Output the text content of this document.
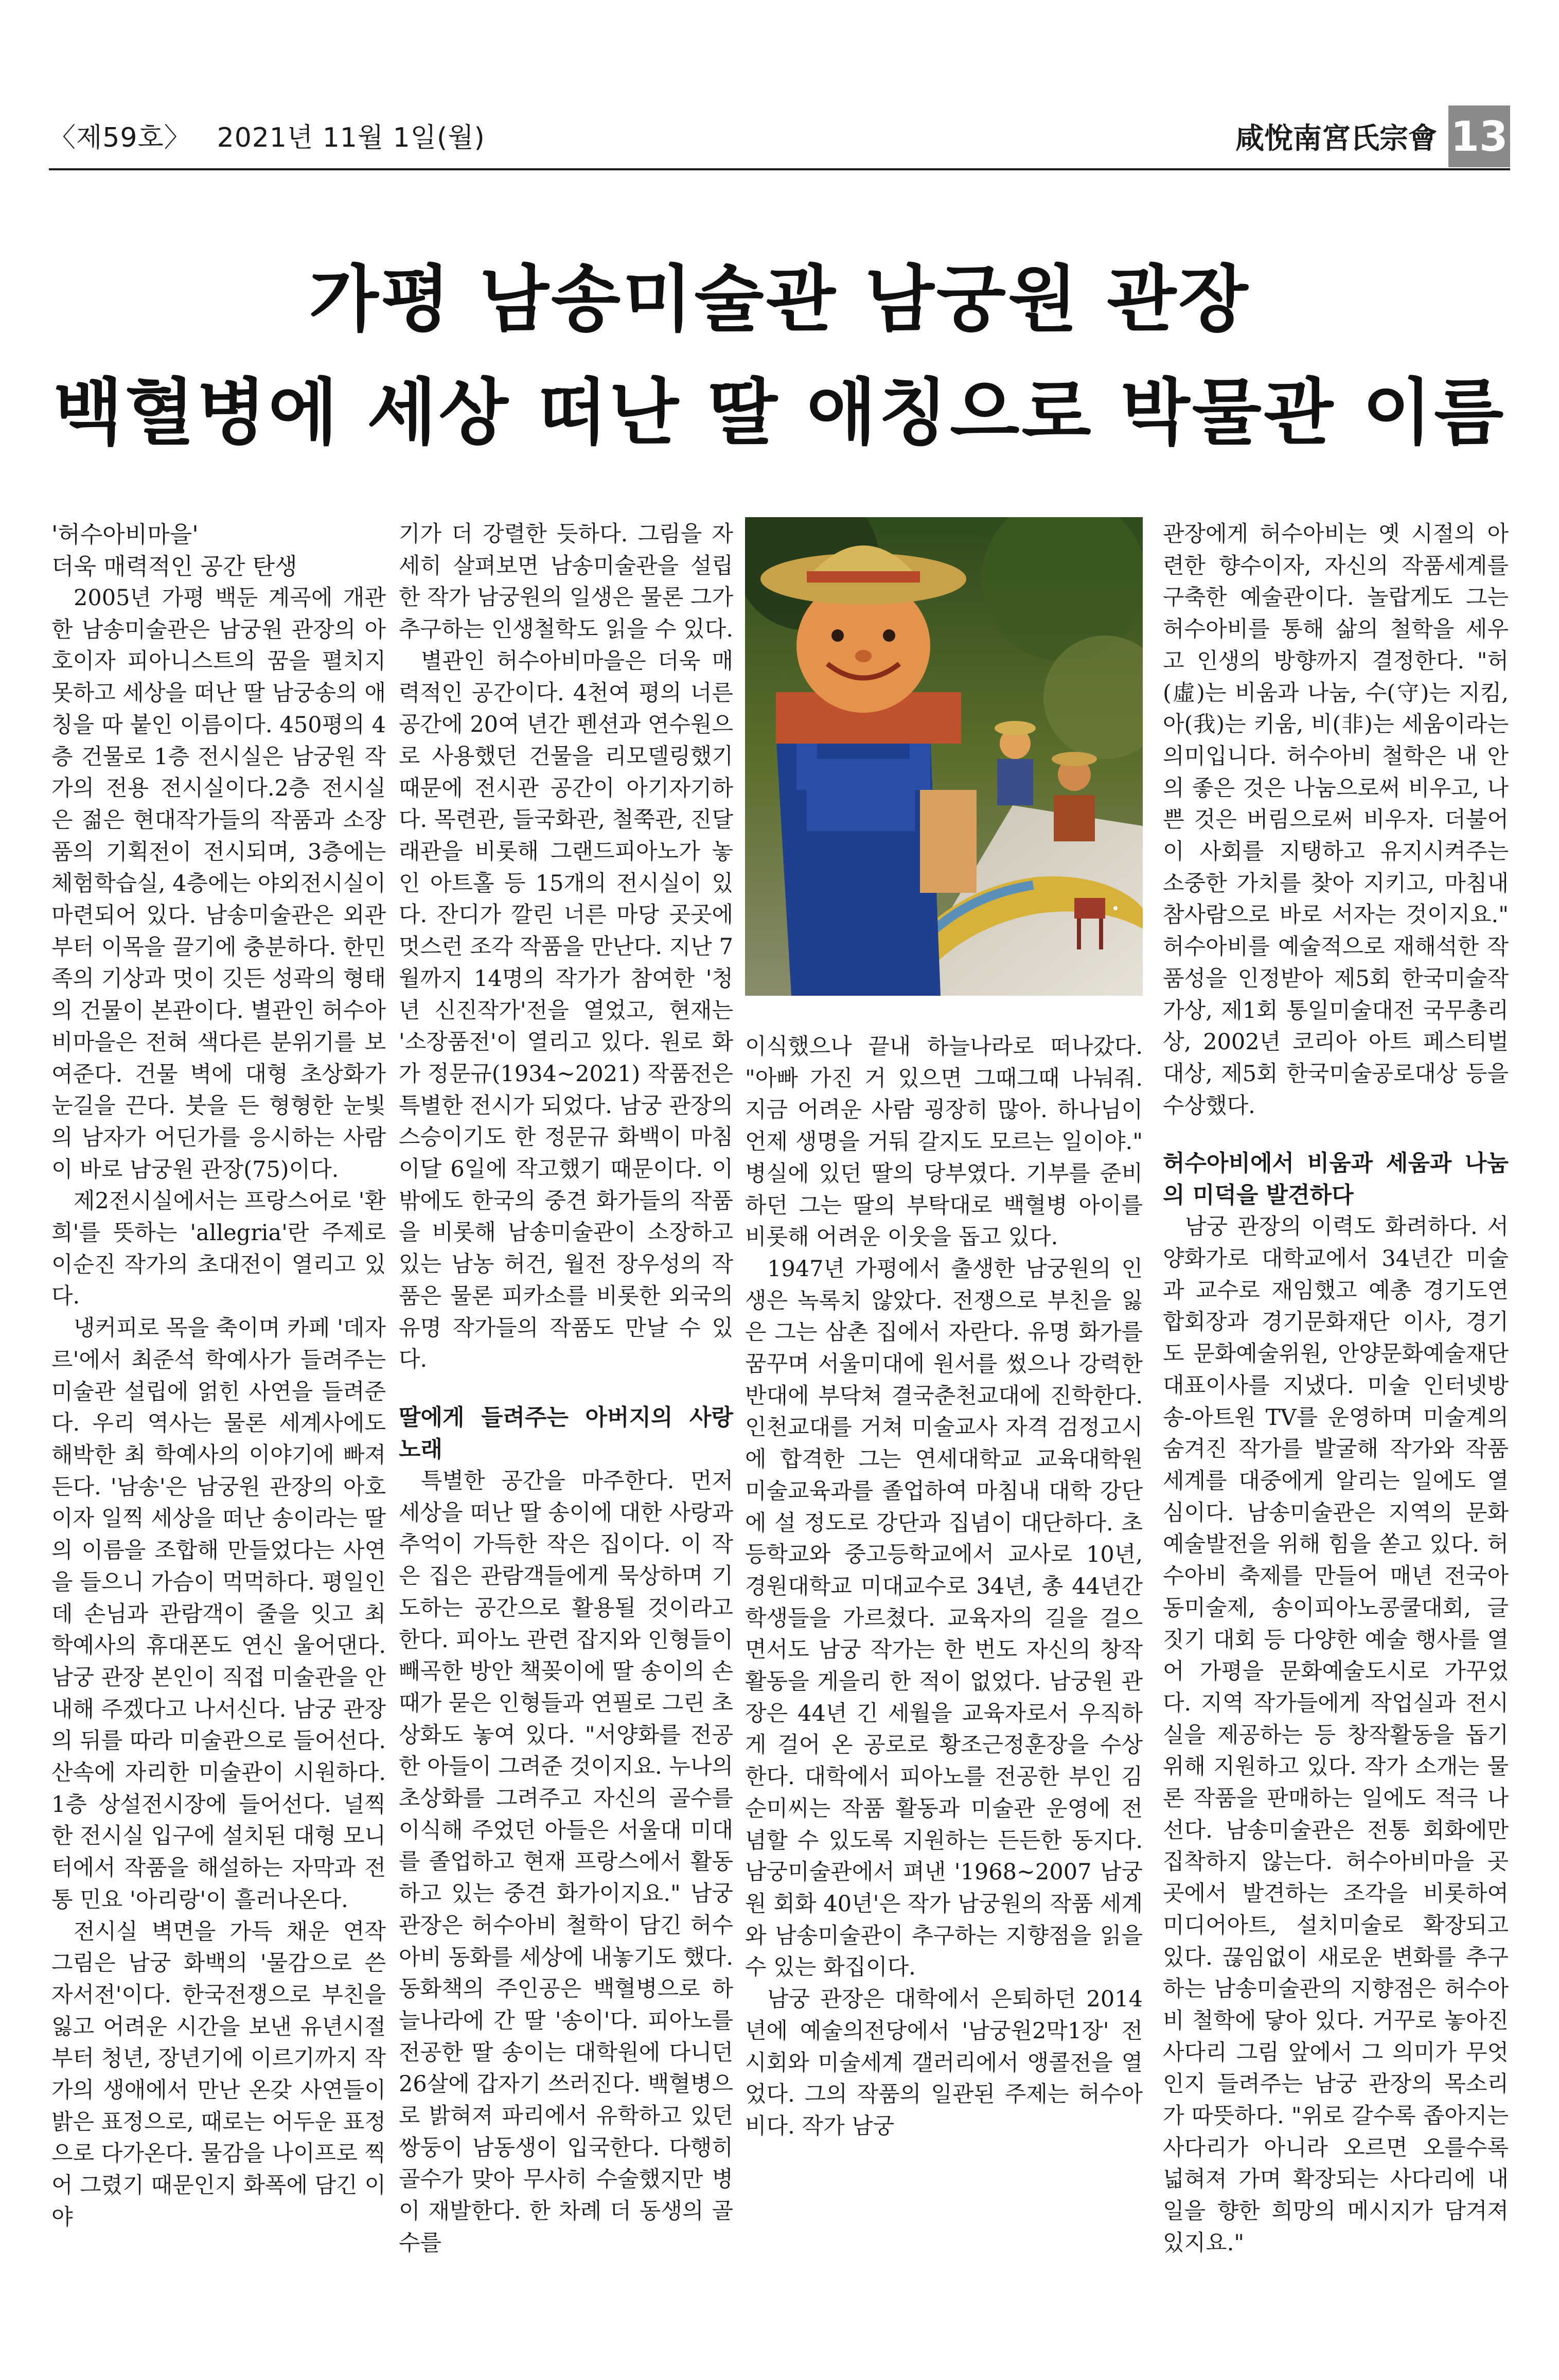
〈제59호〉 2021년 11월 1일(월)	咸悅南宮氏宗會 13
가평 남송미술관 남궁원 관장
백혈병에 세상 떠난 딸 애칭으로 박물관 이름

'허수아비마을'

더욱 매력적인 공간 탄생

2005년 가평 백둔 계곡에 개관한 남송미술관은 남궁원 관장의 아호이자 피아니스트의 꿈을 펼치지 못하고 세상을 떠난 딸 남궁송의 애칭을 따 붙인 이름이다. 450평의 4층 건물로 1층 전시실은 남궁원 작가의 전용 전시실이다.2층 전시실은 젊은 현대작가들의 작품과 소장품의 기획전이 전시되며, 3층에는 체험학습실, 4층에는 야외전시실이 마련되어 있다. 남송미술관은 외관부터 이목을 끌기에 충분하다. 한민족의 기상과 멋이 깃든 성곽의 형태의 건물이 본관이다. 별관인 허수아비마을은 전혀 색다른 분위기를 보여준다. 건물 벽에 대형 초상화가 눈길을 끈다. 붓을 든 형형한 눈빛의 남자가 어딘가를 응시하는 사람이 바로 남궁원 관장(75)이다.

제2전시실에서는 프랑스어로 '환희'를 뜻하는 'allegria'란 주제로 이순진 작가의 초대전이 열리고 있다.

냉커피로 목을 축이며 카페 '데자르'에서 최준석 학예사가 들려주는 미술관 설립에 얽힌 사연을 들려준다. 우리 역사는 물론 세계사에도 해박한 최 학예사의 이야기에 빠져든다. '남송'은 남궁원 관장의 아호이자 일찍 세상을 떠난 송이라는 딸의 이름을 조합해 만들었다는 사연을 들으니 가슴이 먹먹하다. 평일인데 손님과 관람객이 줄을 잇고 최 학예사의 휴대폰도 연신 울어댄다. 남궁 관장 본인이 직접 미술관을 안내해 주겠다고 나서신다. 남궁 관장의 뒤를 따라 미술관으로 들어선다. 산속에 자리한 미술관이 시원하다. 1층 상설전시장에 들어선다. 널찍한 전시실 입구에 설치된 대형 모니터에서 작품을 해설하는 자막과 전통 민요 '아리랑'이 흘러나온다.

전시실 벽면을 가득 채운 연작 그림은 남궁 화백의 '물감으로 쓴 자서전'이다. 한국전쟁으로 부친을 잃고 어려운 시간을 보낸 유년시절부터 청년, 장년기에 이르기까지 작가의 생애에서 만난 온갖 사연들이 밝은 표정으로, 때로는 어두운 표정으로 다가온다. 물감을 나이프로 찍어 그렸기 때문인지 화폭에 담긴 이야

기가 더 강렬한 듯하다. 그림을 자세히 살펴보면 남송미술관을 설립한 작가 남궁원의 일생은 물론 그가 추구하는 인생철학도 읽을 수 있다.

별관인 허수아비마을은 더욱 매력적인 공간이다. 4천여 평의 너른 공간에 20여 년간 펜션과 연수원으로 사용했던 건물을 리모델링했기 때문에 전시관 공간이 아기자기하다. 목련관, 들국화관, 철쭉관, 진달래관을 비롯해 그랜드피아노가 놓인 아트홀 등 15개의 전시실이 있다. 잔디가 깔린 너른 마당 곳곳에 멋스런 조각 작품을 만난다. 지난 7월까지 14명의 작가가 참여한 '청년 신진작가'전을 열었고, 현재는 '소장품전'이 열리고 있다. 원로 화가 정문규(1934~2021) 작품전은 특별한 전시가 되었다. 남궁 관장의 스승이기도 한 정문규 화백이 마침 이달 6일에 작고했기 때문이다. 이밖에도 한국의 중견 화가들의 작품을 비롯해 남송미술관이 소장하고 있는 남농 허건, 월전 장우성의 작품은 물론 피카소를 비롯한 외국의 유명 작가들의 작품도 만날 수 있다.

딸에게 들려주는 아버지의 사랑 노래

특별한 공간을 마주한다. 먼저 세상을 떠난 딸 송이에 대한 사랑과 추억이 가득한 작은 집이다. 이 작은 집은 관람객들에게 묵상하며 기도하는 공간으로 활용될 것이라고 한다. 피아노 관련 잡지와 인형들이 빼곡한 방안 책꽂이에 딸 송이의 손때가 묻은 인형들과 연필로 그린 초상화도 놓여 있다. "서양화를 전공한 아들이 그려준 것이지요. 누나의 초상화를 그려주고 자신의 골수를 이식해 주었던 아들은 서울대 미대를 졸업하고 현재 프랑스에서 활동하고 있는 중견 화가이지요." 남궁 관장은 허수아비 철학이 담긴 허수아비 동화를 세상에 내놓기도 했다. 동화책의 주인공은 백혈병으로 하늘나라에 간 딸 '송이'다. 피아노를 전공한 딸 송이는 대학원에 다니던 26살에 갑자기 쓰러진다. 백혈병으로 밝혀져 파리에서 유학하고 있던 쌍둥이 남동생이 입국한다. 다행히 골수가 맞아 무사히 수술했지만 병이 재발한다. 한 차례 더 동생의 골수를

이식했으나 끝내 하늘나라로 떠나갔다. "아빠 가진 거 있으면 그때그때 나눠줘. 지금 어려운 사람 굉장히 많아. 하나님이 언제 생명을 거둬 갈지도 모르는 일이야." 병실에 있던 딸의 당부였다. 기부를 준비하던 그는 딸의 부탁대로 백혈병 아이를 비롯해 어려운 이웃을 돕고 있다.

1947년 가평에서 출생한 남궁원의 인생은 녹록치 않았다. 전쟁으로 부친을 잃은 그는 삼촌 집에서 자란다. 유명 화가를 꿈꾸며 서울미대에 원서를 썼으나 강력한 반대에 부닥쳐 결국춘천교대에 진학한다. 인천교대를 거쳐 미술교사 자격 검정고시에 합격한 그는 연세대학교 교육대학원 미술교육과를 졸업하여 마침내 대학 강단에 설 정도로 강단과 집념이 대단하다. 초등학교와 중고등학교에서 교사로 10년, 경원대학교 미대교수로 34년, 총 44년간 학생들을 가르쳤다. 교육자의 길을 걸으면서도 남궁 작가는 한 번도 자신의 창작활동을 게을리 한 적이 없었다. 남궁원 관장은 44년 긴 세월을 교육자로서 우직하게 걸어 온 공로로 황조근정훈장을 수상한다. 대학에서 피아노를 전공한 부인 김순미씨는 작품 활동과 미술관 운영에 전념할 수 있도록 지원하는 든든한 동지다. 남궁미술관에서 펴낸 '1968~2007 남궁 원 회화 40년'은 작가 남궁원의 작품 세계와 남송미술관이 추구하는 지향점을 읽을 수 있는 화집이다.

남궁 관장은 대학에서 은퇴하던 2014년에 예술의전당에서 '남궁원2막1장' 전시회와 미술세계 갤러리에서 앵콜전을 열었다. 그의 작품의 일관된 주제는 허수아비다. 작가 남궁

관장에게 허수아비는 옛 시절의 아련한 향수이자, 자신의 작품세계를 구축한 예술관이다. 놀랍게도 그는 허수아비를 통해 삶의 철학을 세우고 인생의 방향까지 결정한다. "허(虛)는 비움과 나눔, 수(守)는 지킴, 아(我)는 키움, 비(非)는 세움이라는 의미입니다. 허수아비 철학은 내 안의 좋은 것은 나눔으로써 비우고, 나쁜 것은 버림으로써 비우자. 더불어 이 사회를 지탱하고 유지시켜주는 소중한 가치를 찾아 지키고, 마침내 참사람으로 바로 서자는 것이지요." 허수아비를 예술적으로 재해석한 작품성을 인정받아 제5회 한국미술작가상, 제1회 통일미술대전 국무총리상, 2002년 코리아 아트 페스티벌 대상, 제5회 한국미술공로대상 등을 수상했다.

허수아비에서 비움과 세움과 나눔의 미덕을 발견하다

남궁 관장의 이력도 화려하다. 서양화가로 대학교에서 34년간 미술과 교수로 재임했고 예총 경기도연합회장과 경기문화재단 이사, 경기도 문화예술위원, 안양문화예술재단 대표이사를 지냈다. 미술 인터넷방송-아트원 TV를 운영하며 미술계의 숨겨진 작가를 발굴해 작가와 작품세계를 대중에게 알리는 일에도 열심이다. 남송미술관은 지역의 문화예술발전을 위해 힘을 쏟고 있다. 허수아비 축제를 만들어 매년 전국아동미술제, 송이피아노콩쿨대회, 글짓기 대회 등 다양한 예술 행사를 열어 가평을 문화예술도시로 가꾸었다. 지역 작가들에게 작업실과 전시실을 제공하는 등 창작활동을 돕기 위해 지원하고 있다. 작가 소개는 물론 작품을 판매하는 일에도 적극 나선다. 남송미술관은 전통 회화에만 집착하지 않는다. 허수아비마을 곳곳에서 발견하는 조각을 비롯하여 미디어아트, 설치미술로 확장되고 있다. 끊임없이 새로운 변화를 추구하는 남송미술관의 지향점은 허수아비 철학에 닿아 있다. 거꾸로 놓아진 사다리 그림 앞에서 그 의미가 무엇인지 들려주는 남궁 관장의 목소리가 따뜻하다. "위로 갈수록 좁아지는 사다리가 아니라 오르면 오를수록 넓혀져 가며 확장되는 사다리에 내일을 향한 희망의 메시지가 담겨져 있지요."
